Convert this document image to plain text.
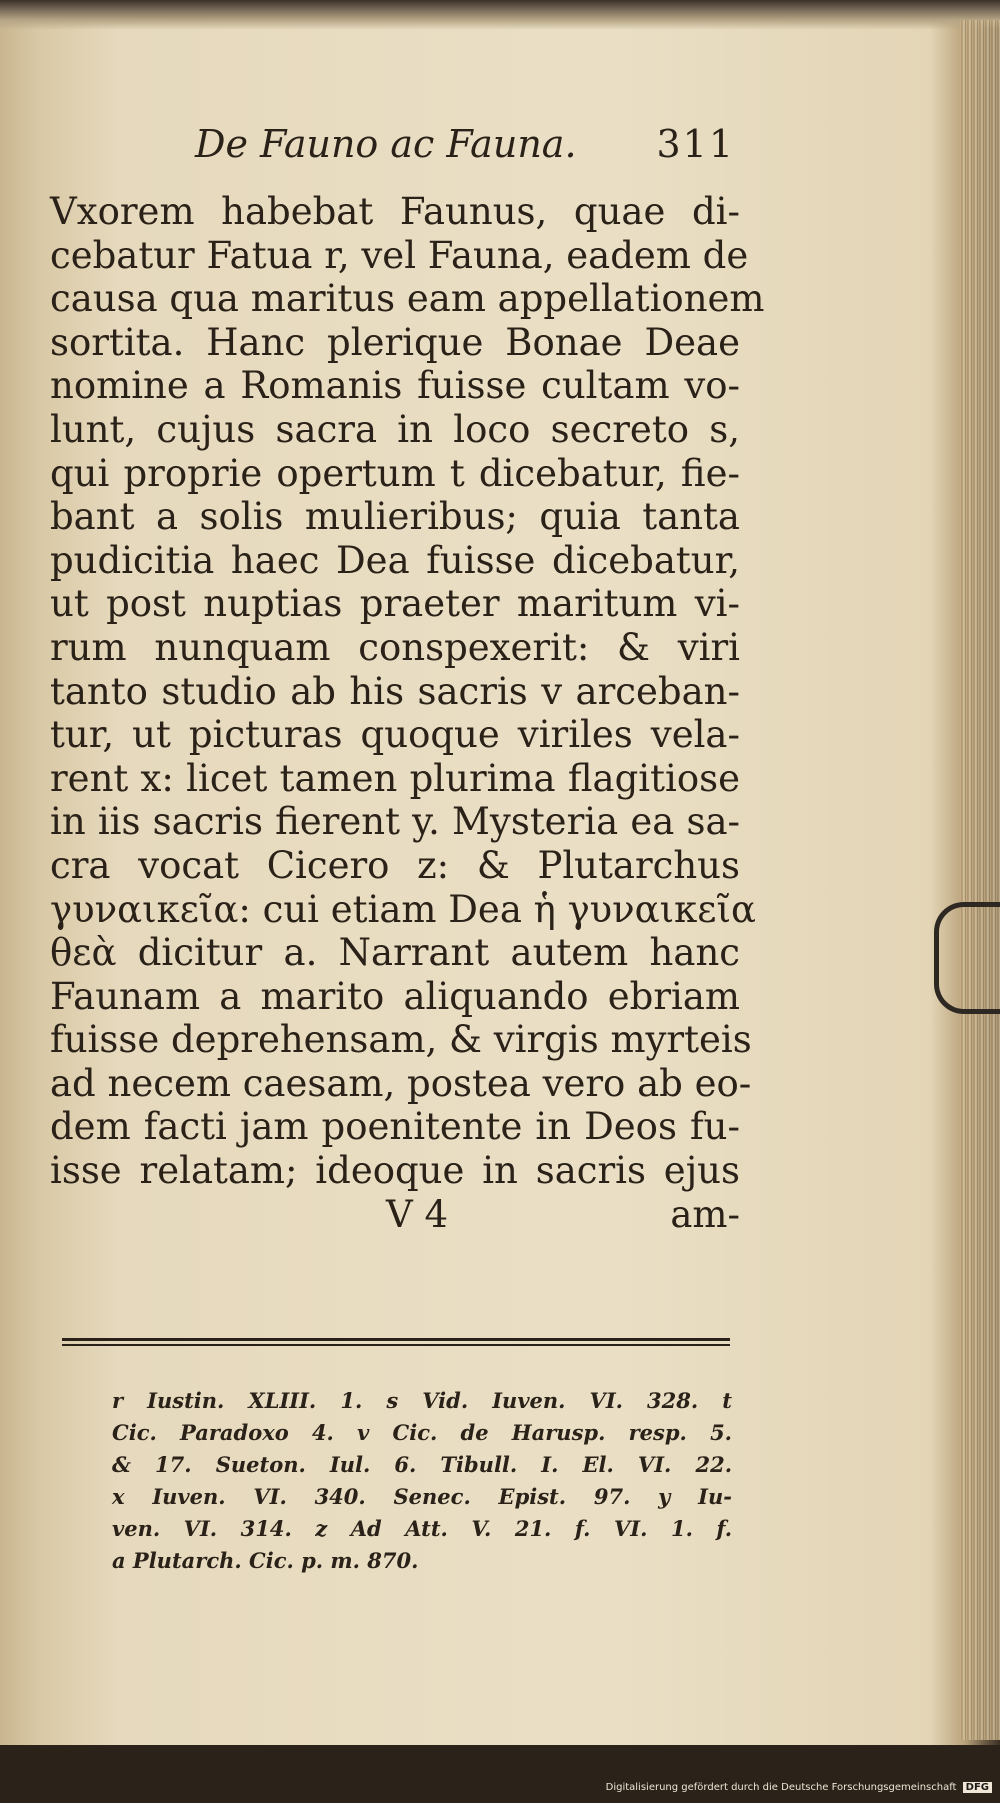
De Fauno ac Fauna. 311
Vxorem habebat Faunus, quae di-
cebatur Fatua r, vel Fauna, eadem de
causa qua maritus eam appellationem
sortita. Hanc plerique Bonae Deae
nomine a Romanis fuisse cultam vo-
lunt, cujus sacra in loco secreto s,
qui proprie opertum t dicebatur, fie-
bant a solis mulieribus; quia tanta
pudicitia haec Dea fuisse dicebatur,
ut post nuptias praeter maritum vi-
rum nunquam conspexerit: & viri
tanto studio ab his sacris v arceban-
tur, ut picturas quoque viriles vela-
rent x: licet tamen plurima flagitiose
in iis sacris fierent y. Mysteria ea sa-
cra vocat Cicero z: & Plutarchus
γυναικεῖα: cui etiam Dea ἡ γυναικεῖα
θεὰ dicitur a. Narrant autem hanc
Faunam a marito aliquando ebriam
fuisse deprehensam, & virgis myrteis
ad necem caesam, postea vero ab eo-
dem facti jam poenitente in Deos fu-
isse relatam; ideoque in sacris ejus
V 4	am-
r Iustin. XLIII. 1. s Vid. Iuven. VI. 328. t
Cic. Paradoxo 4. v Cic. de Harusp. resp. 5.
& 17. Sueton. Iul. 6. Tibull. I. El. VI. 22.
x Iuven. VI. 340. Senec. Epist. 97. y Iu-
ven. VI. 314. z Ad Att. V. 21. f. VI. 1. f.
a Plutarch. Cic. p. m. 870.
Digitalisierung gefördert durch die Deutsche Forschungsgemeinschaft DFG
